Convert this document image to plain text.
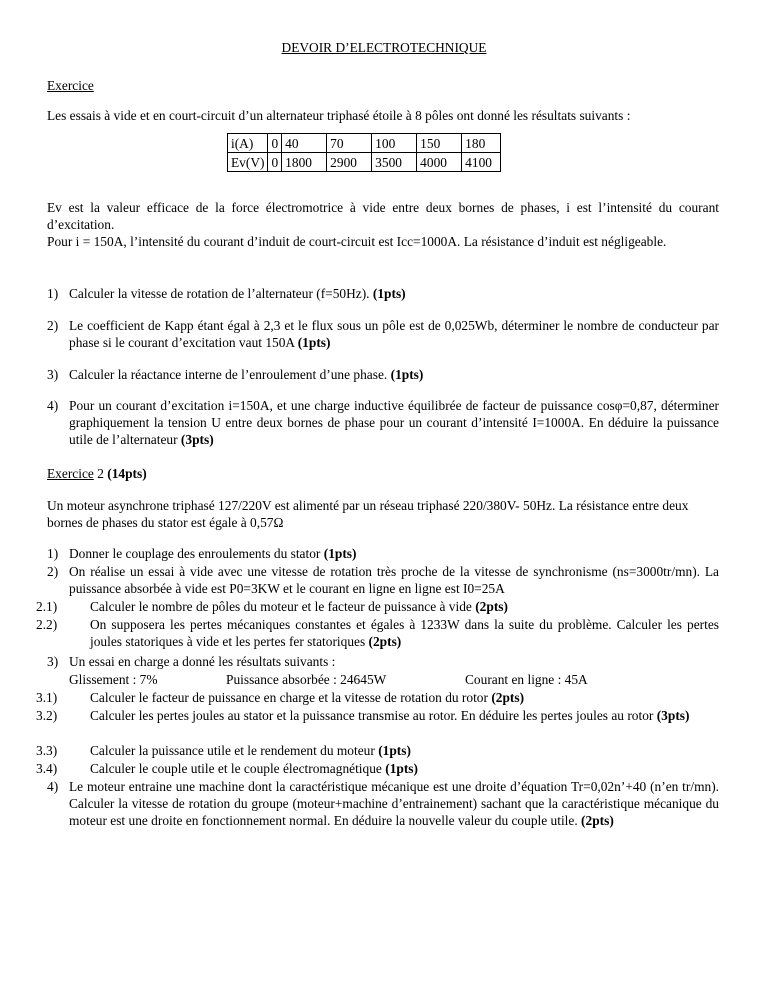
DEVOIR D’ELECTROTECHNIQUE
Exercice
Les essais à vide et en court-circuit d’un alternateur triphasé étoile à 8 pôles ont donné les résultats suivants :
i(A)	0	40	70	100	150	180
Ev(V)	0	1800	2900	3500	4000	4100
Ev est la valeur efficace de la force électromotrice à vide entre deux bornes de phases, i est l’intensité du courant d’excitation.
Pour i = 150A, l’intensité du courant d’induit de court-circuit est Icc=1000A. La résistance d’induit est négligeable.
1) Calculer la vitesse de rotation de l’alternateur (f=50Hz). (1pts)
2) Le coefficient de Kapp étant égal à 2,3 et le flux sous un pôle est de 0,025Wb, déterminer le nombre de conducteur par phase si le courant d’excitation vaut 150A (1pts)
3) Calculer la réactance interne de l’enroulement d’une phase. (1pts)
4) Pour un courant d’excitation i=150A, et une charge inductive équilibrée de facteur de puissance cosφ=0,87, déterminer graphiquement la tension U entre deux bornes de phase pour un courant d’intensité I=1000A. En déduire la puissance utile de l’alternateur (3pts)
Exercice 2 (14pts)
Un moteur asynchrone triphasé 127/220V est alimenté par un réseau triphasé 220/380V- 50Hz. La résistance entre deux bornes de phases du stator est égale à 0,57Ω
1) Donner le couplage des enroulements du stator (1pts)
2) On réalise un essai à vide avec une vitesse de rotation très proche de la vitesse de synchronisme (ns=3000tr/mn). La puissance absorbée à vide est P0=3KW et le courant en ligne en ligne est I0=25A
2.1) Calculer le nombre de pôles du moteur et le facteur de puissance à vide (2pts)
2.2) On supposera les pertes mécaniques constantes et égales à 1233W dans la suite du problème. Calculer les pertes joules statoriques à vide et les pertes fer statoriques (2pts)
3) Un essai en charge a donné les résultats suivants :
Glissement : 7%	Puissance absorbée : 24645W	Courant en ligne : 45A
3.1) Calculer le facteur de puissance en charge et la vitesse de rotation du rotor (2pts)
3.2) Calculer les pertes joules au stator et la puissance transmise au rotor. En déduire les pertes joules au rotor (3pts)
3.3) Calculer la puissance utile et le rendement du moteur (1pts)
3.4) Calculer le couple utile et le couple électromagnétique (1pts)
4) Le moteur entraine une machine dont la caractéristique mécanique est une droite d’équation Tr=0,02n’+40 (n’en tr/mn). Calculer la vitesse de rotation du groupe (moteur+machine d’entrainement) sachant que la caractéristique mécanique du moteur est une droite en fonctionnement normal. En déduire la nouvelle valeur du couple utile. (2pts)
